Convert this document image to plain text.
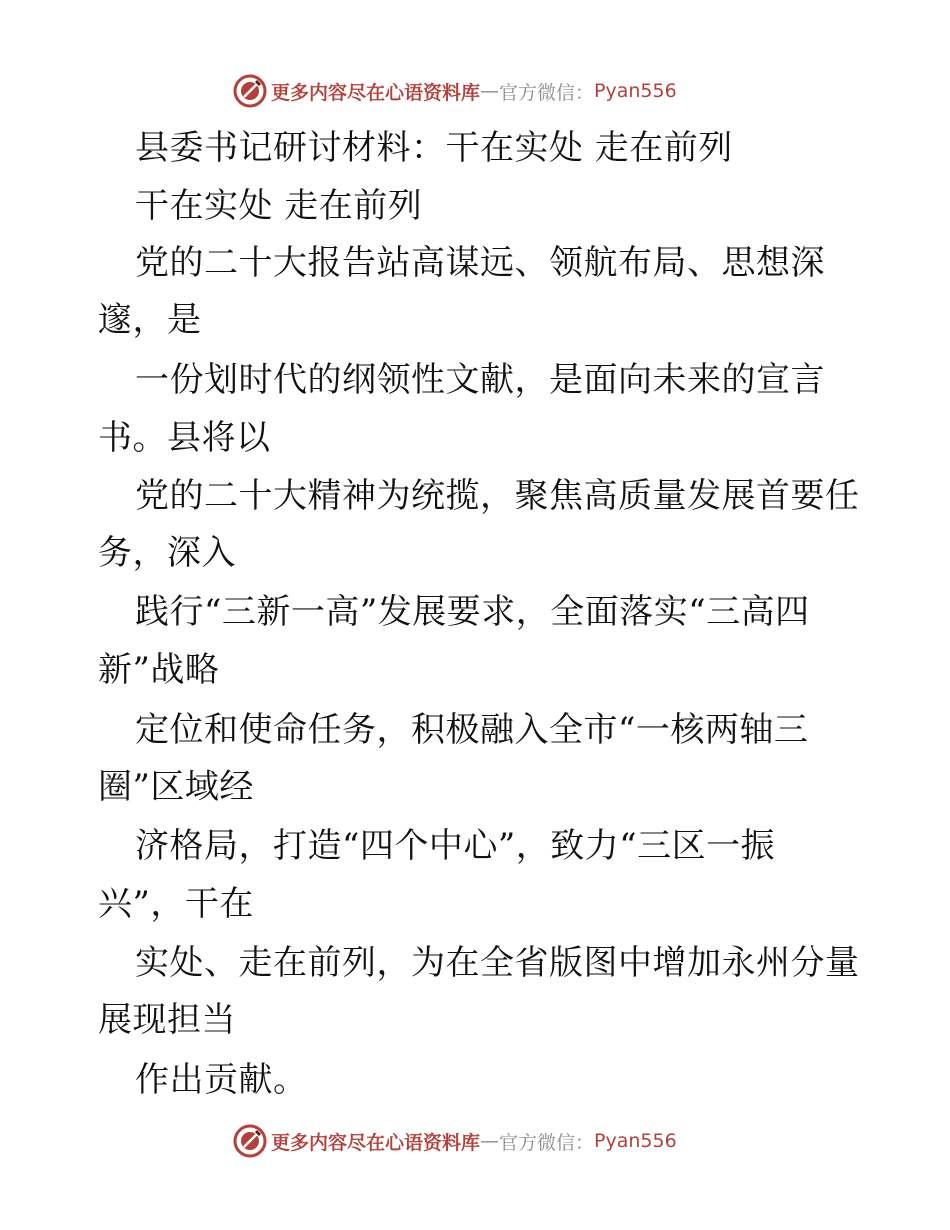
更多内容尽在心语资料库 — 官方微信： Pyan556
县委书记研讨材料：干在实处 走在前列
干在实处 走在前列
党的二十大报告站高谋远、领航布局、思想深
邃，是
一份划时代的纲领性文献，是面向未来的宣言
书。县将以
党的二十大精神为统揽，聚焦高质量发展首要任
务，深入
践行“三新一高”发展要求，全面落实“三高四
新”战略
定位和使命任务，积极融入全市“一核两轴三
圈”区域经
济格局，打造“四个中心”，致力“三区一振
兴”，干在
实处、走在前列，为在全省版图中增加永州分量
展现担当
作出贡献。
更多内容尽在心语资料库 — 官方微信： Pyan556
